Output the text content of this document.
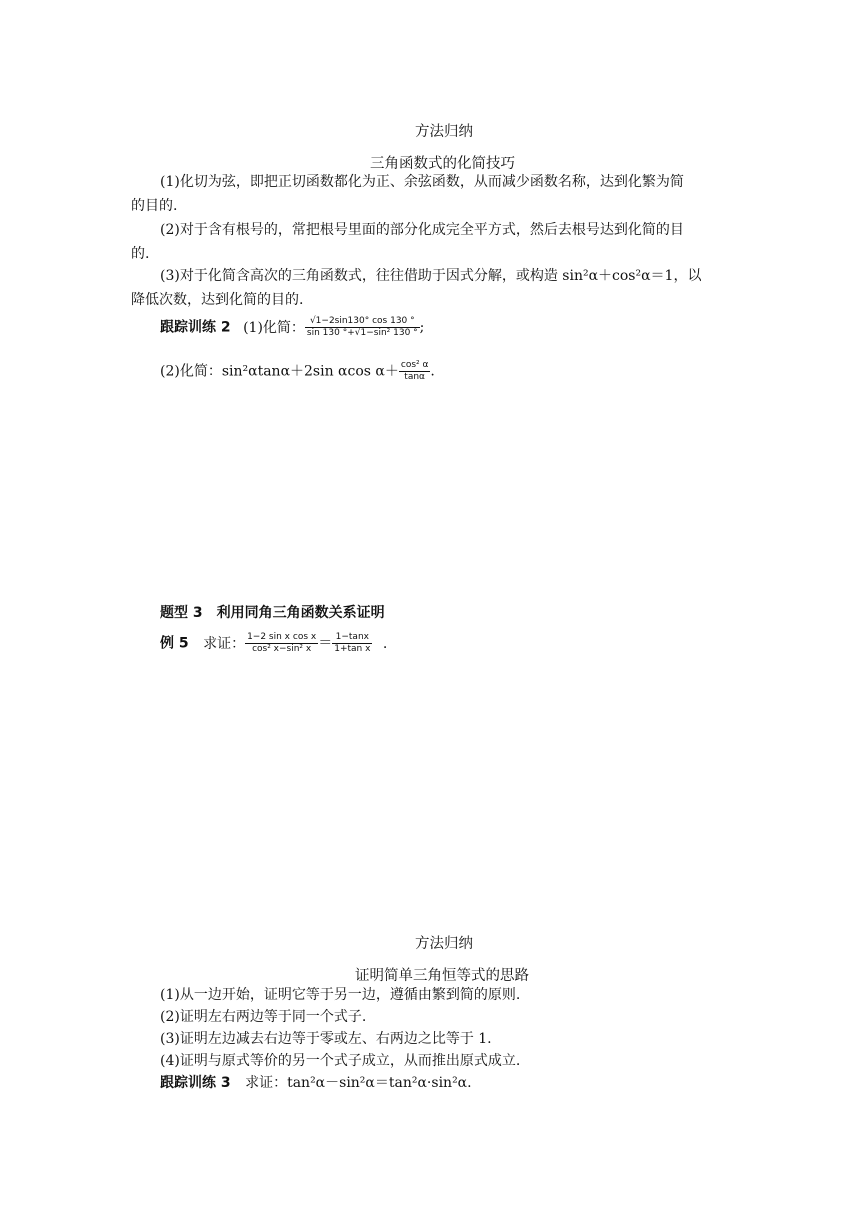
方法归纳
三角函数式的化简技巧
(1)化切为弦，即把正切函数都化为正、余弦函数，从而减少函数名称，达到化繁为简
的目的.
(2)对于含有根号的，常把根号里面的部分化成完全平方式，然后去根号达到化简的目
的.
(3)对于化简含高次的三角函数式，往往借助于因式分解，或构造 sin²α＋cos²α＝1，以
降低次数，达到化简的目的.
跟踪训练 2 (1)化简： $\frac{√1-2\sin 130^\circ \cos 130 ^\circ}{\text{sin 130 °+√1−sin² 130 °}}$ ;
(2)化简：sin²αtanα＋2sin αcos $\alpha+ \frac{\text{cos² α}}{\tan\alpha}$ .
题型 3　利用同角三角函数关系证明
例 5 求证： $\frac{\text{1−2 sin x cos x}}{\text{cos² x−sin² x}} = \frac{1-\tan x}{\text{1+tan x}}$ .
方法归纳
证明简单三角恒等式的思路
(1)从一边开始，证明它等于另一边，遵循由繁到简的原则.
(2)证明左右两边等于同一个式子.
(3)证明左边减去右边等于零或左、右两边之比等于 1.
(4)证明与原式等价的另一个式子成立，从而推出原式成立.
跟踪训练 3 求证：tan²α－sin²α＝tan²α·sin²α.
